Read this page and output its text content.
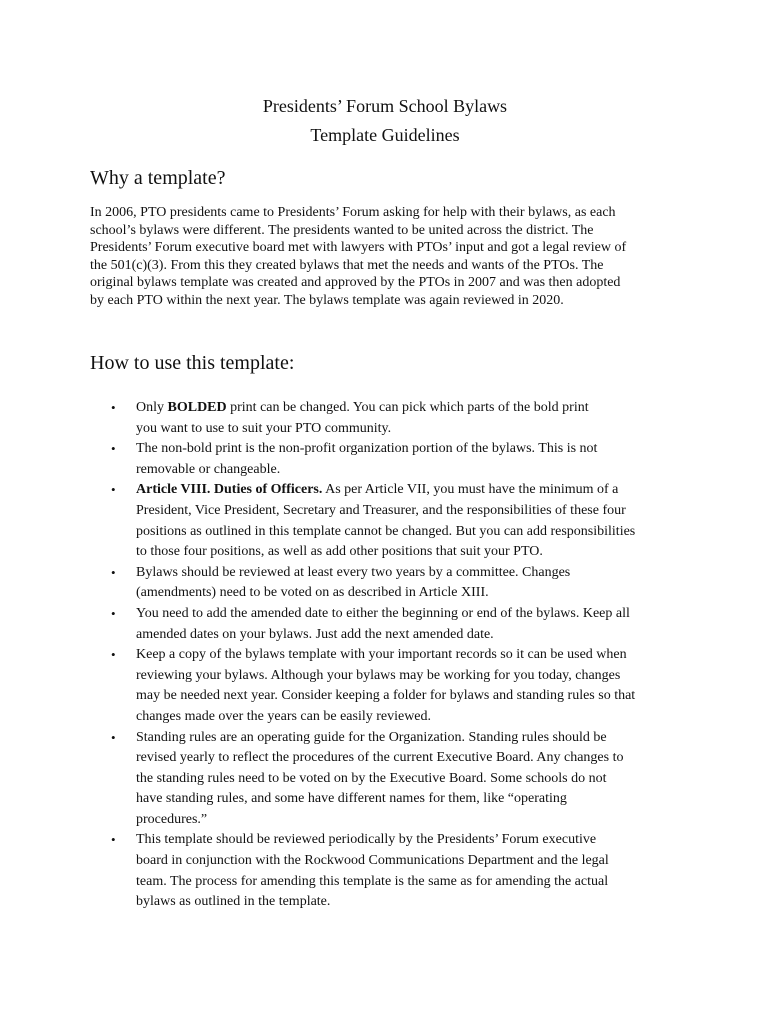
Presidents’ Forum School Bylaws
Template Guidelines
Why a template?

In 2006, PTO presidents came to Presidents’ Forum asking for help with their bylaws, as each
school’s bylaws were different. The presidents wanted to be united across the district. The
Presidents’ Forum executive board met with lawyers with PTOs’ input and got a legal review of
the 501(c)(3). From this they created bylaws that met the needs and wants of the PTOs. The
original bylaws template was created and approved by the PTOs in 2007 and was then adopted
by each PTO within the next year. The bylaws template was again reviewed in 2020.

How to use this template:
• Only BOLDED print can be changed. You can pick which parts of the bold print
you want to use to suit your PTO community.
• The non-bold print is the non-profit organization portion of the bylaws. This is not
removable or changeable.
• Article VIII. Duties of Officers. As per Article VII, you must have the minimum of a
President, Vice President, Secretary and Treasurer, and the responsibilities of these four
positions as outlined in this template cannot be changed. But you can add responsibilities
to those four positions, as well as add other positions that suit your PTO.
• Bylaws should be reviewed at least every two years by a committee. Changes
(amendments) need to be voted on as described in Article XIII.
• You need to add the amended date to either the beginning or end of the bylaws. Keep all
amended dates on your bylaws. Just add the next amended date.
• Keep a copy of the bylaws template with your important records so it can be used when
reviewing your bylaws. Although your bylaws may be working for you today, changes
may be needed next year. Consider keeping a folder for bylaws and standing rules so that
changes made over the years can be easily reviewed.
• Standing rules are an operating guide for the Organization. Standing rules should be
revised yearly to reflect the procedures of the current Executive Board. Any changes to
the standing rules need to be voted on by the Executive Board. Some schools do not
have standing rules, and some have different names for them, like “operating
procedures.”
• This template should be reviewed periodically by the Presidents’ Forum executive
board in conjunction with the Rockwood Communications Department and the legal
team. The process for amending this template is the same as for amending the actual
bylaws as outlined in the template.
